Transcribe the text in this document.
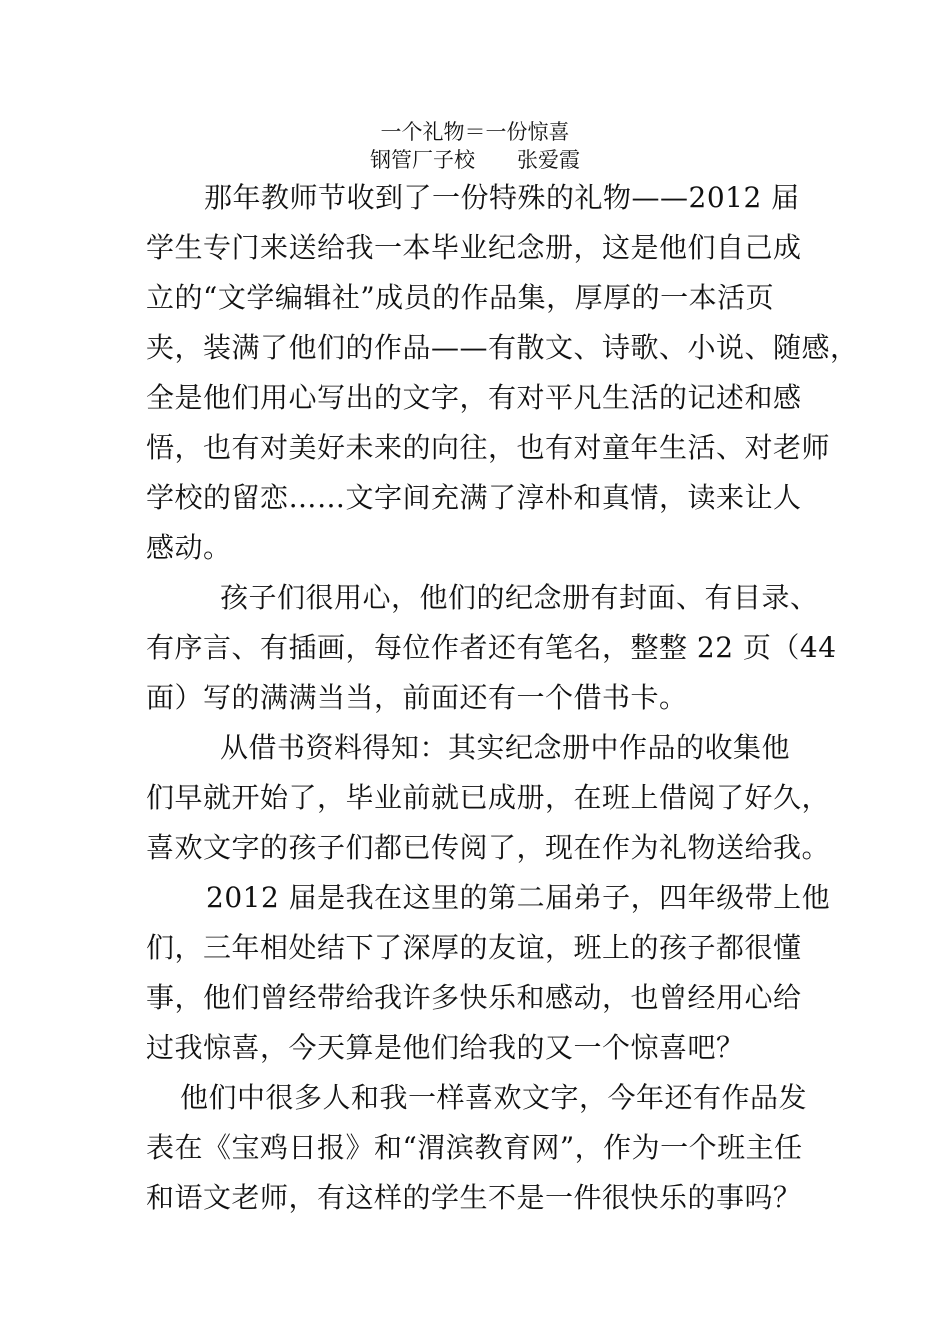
一个礼物＝一份惊喜
钢管厂子校 张爱霞
那年教师节收到了一份特殊的礼物——2012 届
学生专门来送给我一本毕业纪念册，这是他们自己成
立的“文学编辑社”成员的作品集，厚厚的一本活页
夹，装满了他们的作品——有散文、诗歌、小说、随感，
全是他们用心写出的文字，有对平凡生活的记述和感
悟，也有对美好未来的向往，也有对童年生活、对老师
学校的留恋……文字间充满了淳朴和真情，读来让人
感动。
孩子们很用心，他们的纪念册有封面、有目录、
有序言、有插画，每位作者还有笔名，整整 22 页（44
面）写的满满当当，前面还有一个借书卡。
从借书资料得知：其实纪念册中作品的收集他
们早就开始了，毕业前就已成册，在班上借阅了好久，
喜欢文字的孩子们都已传阅了，现在作为礼物送给我。
2012 届是我在这里的第二届弟子，四年级带上他
们，三年相处结下了深厚的友谊，班上的孩子都很懂
事，他们曾经带给我许多快乐和感动，也曾经用心给
过我惊喜，今天算是他们给我的又一个惊喜吧？
他们中很多人和我一样喜欢文字，今年还有作品发
表在《宝鸡日报》和“渭滨教育网”，作为一个班主任
和语文老师，有这样的学生不是一件很快乐的事吗？
